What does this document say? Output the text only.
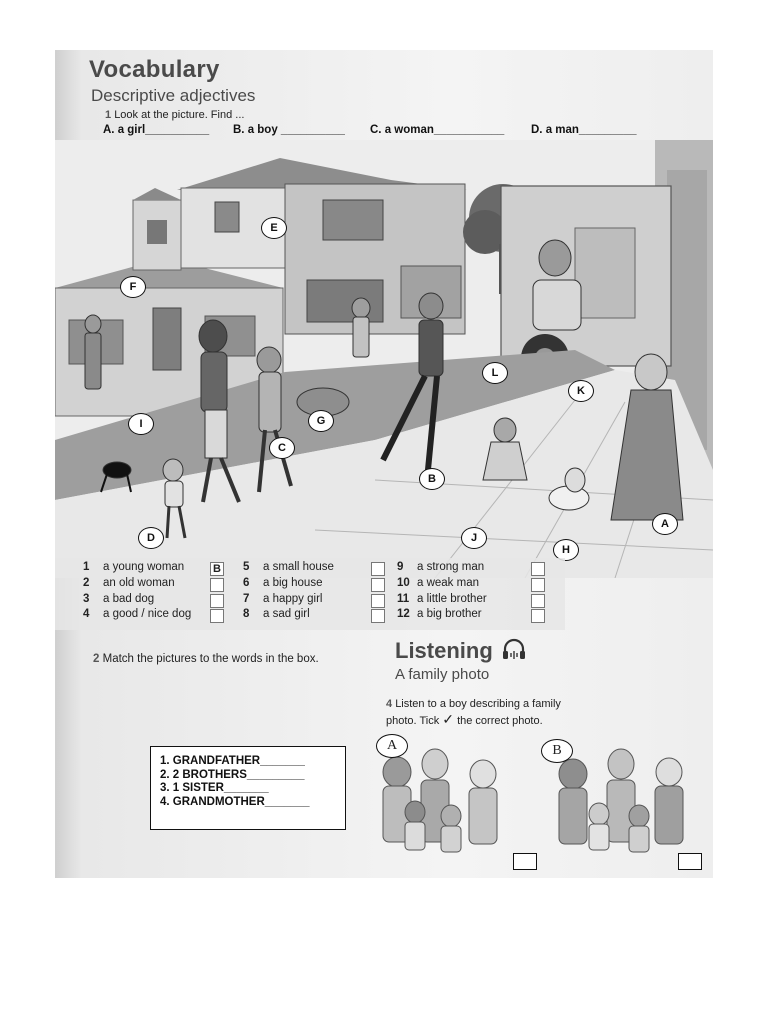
Vocabulary
Descriptive adjectives
1 Look at the picture. Find ...
A. a girl__________ B. a boy __________ C. a woman___________ D. a man_________
A
B
C
D
E
F
G
H
I
J
K
L
1 a young woman
2 an old woman
3 a bad dog
4 a good / nice dog
5 a small house
6 a big house
7 a happy girl
8 a sad girl
9 a strong man
10 a weak man
11 a little brother
12 a big brother
B
2 Match the pictures to the words in the box.
1. GRANDFATHER_______
2. 2 BROTHERS_________
3. 1 SISTER_______
4. GRANDMOTHER_______
Listening
A family photo
4 Listen to a boy describing a family
photo. Tick ✓ the correct photo.
A	B
